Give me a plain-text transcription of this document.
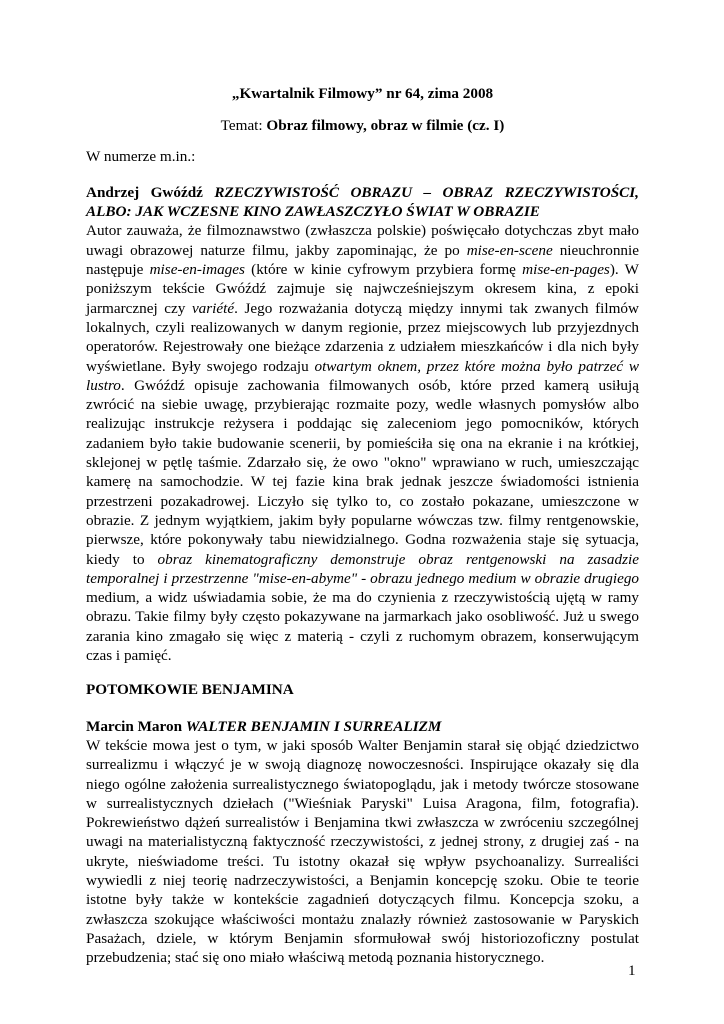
„Kwartalnik Filmowy” nr 64, zima 2008

Temat: Obraz filmowy, obraz w filmie (cz. I)

W numerze m.in.:

Andrzej Gwóźdź RZECZYWISTOŚĆ OBRAZU – OBRAZ RZECZYWISTOŚCI, ALBO: JAK WCZESNE KINO ZAWŁASZCZYŁO ŚWIAT W OBRAZIE

Autor zauważa, że filmoznawstwo (zwłaszcza polskie) poświęcało dotychczas zbyt mało uwagi obrazowej naturze filmu, jakby zapominając, że po mise-en-scene nieuchronnie następuje mise-en-images (które w kinie cyfrowym przybiera formę mise-en-pages). W poniższym tekście Gwóźdź zajmuje się najwcześniejszym okresem kina, z epoki jarmarcznej czy variété. Jego rozważania dotyczą między innymi tak zwanych filmów lokalnych, czyli realizowanych w danym regionie, przez miejscowych lub przyjezdnych operatorów. Rejestrowały one bieżące zdarzenia z udziałem mieszkańców i dla nich były wyświetlane. Były swojego rodzaju otwartym oknem, przez które można było patrzeć w lustro. Gwóźdź opisuje zachowania filmowanych osób, które przed kamerą usiłują zwrócić na siebie uwagę, przybierając rozmaite pozy, wedle własnych pomysłów albo realizując instrukcje reżysera i poddając się zaleceniom jego pomocników, których zadaniem było takie budowanie scenerii, by pomieściła się ona na ekranie i na krótkiej, sklejonej w pętlę taśmie. Zdarzało się, że owo "okno" wprawiano w ruch, umieszczając kamerę na samochodzie. W tej fazie kina brak jednak jeszcze świadomości istnienia przestrzeni pozakadrowej. Liczyło się tylko to, co zostało pokazane, umieszczone w obrazie. Z jednym wyjątkiem, jakim były popularne wówczas tzw. filmy rentgenowskie, pierwsze, które pokonywały tabu niewidzialnego. Godna rozważenia staje się sytuacja, kiedy to obraz kinematograficzny demonstruje obraz rentgenowski na zasadzie temporalnej i przestrzenne "mise-en-abyme" - obrazu jednego medium w obrazie drugiego medium, a widz uświadamia sobie, że ma do czynienia z rzeczywistością ujętą w ramy obrazu. Takie filmy były często pokazywane na jarmarkach jako osobliwość. Już u swego zarania kino zmagało się więc z materią - czyli z ruchomym obrazem, konserwującym czas i pamięć.

POTOMKOWIE BENJAMINA

Marcin Maron WALTER BENJAMIN I SURREALIZM

W tekście mowa jest o tym, w jaki sposób Walter Benjamin starał się objąć dziedzictwo surrealizmu i włączyć je w swoją diagnozę nowoczesności. Inspirujące okazały się dla niego ogólne założenia surrealistycznego światopoglądu, jak i metody twórcze stosowane w surrealistycznych dziełach ("Wieśniak Paryski" Luisa Aragona, film, fotografia). Pokrewieństwo dążeń surrealistów i Benjamina tkwi zwłaszcza w zwróceniu szczególnej uwagi na materialistyczną faktyczność rzeczywistości, z jednej strony, z drugiej zaś - na ukryte, nieświadome treści. Tu istotny okazał się wpływ psychoanalizy. Surrealiści wywiedli z niej teorię nadrzeczywistości, a Benjamin koncepcję szoku. Obie te teorie istotne były także w kontekście zagadnień dotyczących filmu. Koncepcja szoku, a zwłaszcza szokujące właściwości montażu znalazły również zastosowanie w Paryskich Pasażach, dziele, w którym Benjamin sformułował swój historiozoficzny postulat przebudzenia; stać się ono miało właściwą metodą poznania historycznego.

1
